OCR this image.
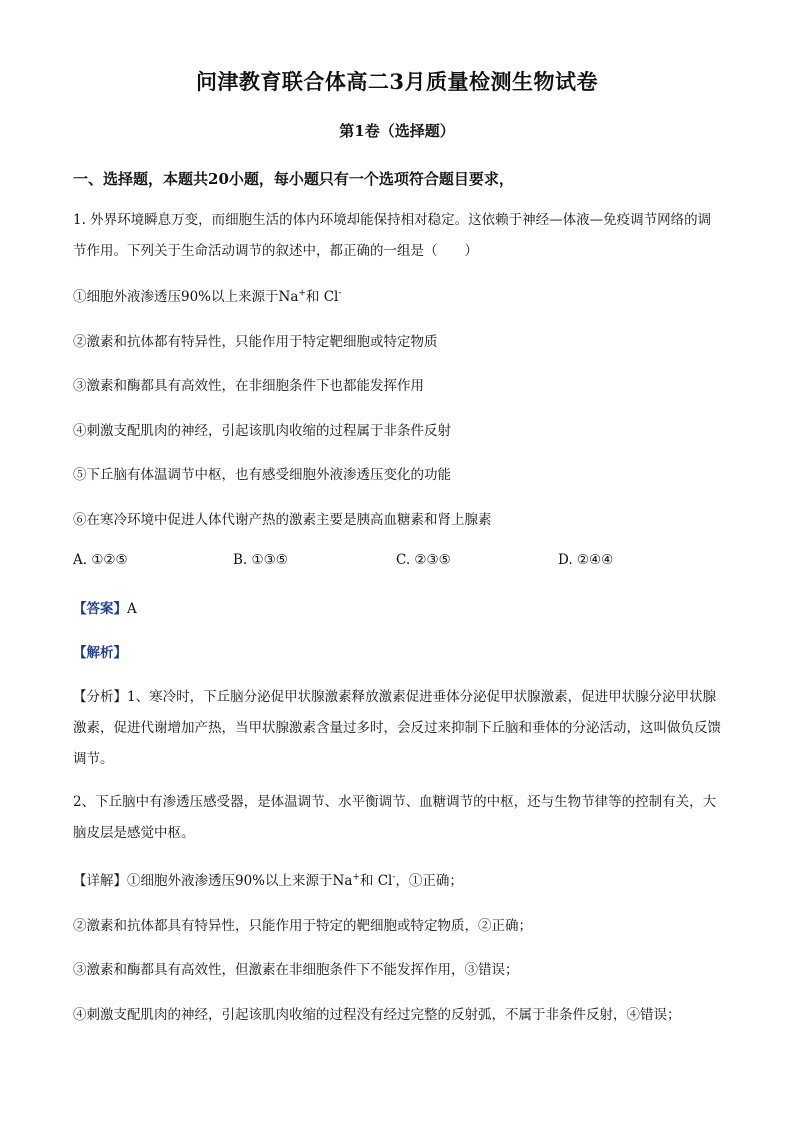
问津教育联合体高二3月质量检测生物试卷
第1卷（选择题）
一、选择题，本题共20小题，每小题只有一个选项符合题目要求，
1. 外界环境瞬息万变，而细胞生活的体内环境却能保持相对稳定。这依赖于神经—体液—免疫调节网络的调节作用。下列关于生命活动调节的叙述中，都正确的一组是（　　）
①细胞外液渗透压90%以上来源于Na+和 Cl-
②激素和抗体都有特异性，只能作用于特定靶细胞或特定物质
③激素和酶都具有高效性，在非细胞条件下也都能发挥作用
④刺激支配肌肉的神经，引起该肌肉收缩的过程属于非条件反射
⑤下丘脑有体温调节中枢，也有感受细胞外液渗透压变化的功能
⑥在寒冷环境中促进人体代谢产热的激素主要是胰高血糖素和肾上腺素
A. ①②⑤	B. ①③⑤	C. ②③⑤	D. ②④④
【答案】A
【解析】
【分析】1、寒冷时，下丘脑分泌促甲状腺激素释放激素促进垂体分泌促甲状腺激素，促进甲状腺分泌甲状腺激素，促进代谢增加产热，当甲状腺激素含量过多时，会反过来抑制下丘脑和垂体的分泌活动，这叫做负反馈调节。
2、下丘脑中有渗透压感受器，是体温调节、水平衡调节、血糖调节的中枢，还与生物节律等的控制有关，大脑皮层是感觉中枢。
【详解】①细胞外液渗透压90%以上来源于Na+和 Cl-，①正确；
②激素和抗体都具有特异性，只能作用于特定的靶细胞或特定物质，②正确；
③激素和酶都具有高效性，但激素在非细胞条件下不能发挥作用，③错误；
④刺激支配肌肉的神经，引起该肌肉收缩的过程没有经过完整的反射弧，不属于非条件反射，④错误；
